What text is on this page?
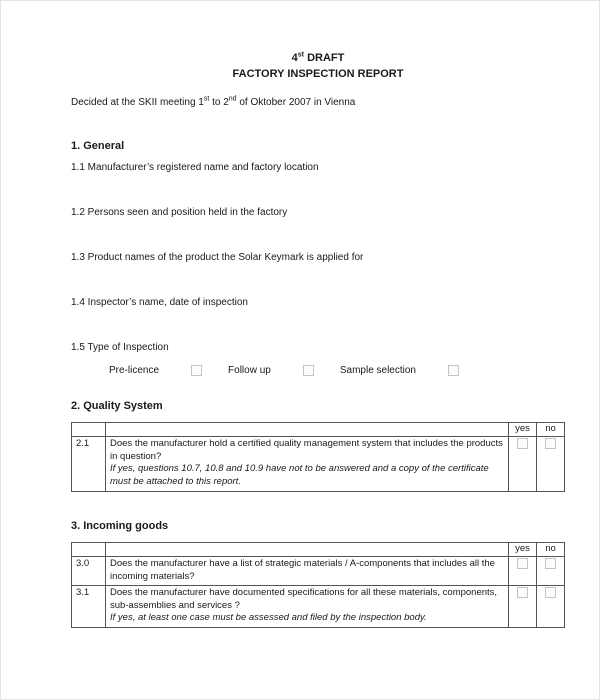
4st DRAFT
FACTORY INSPECTION REPORT

Decided at the SKII meeting 1st to 2nd of Oktober 2007 in Vienna

1. General

1.1 Manufacturer’s registered name and factory location

1.2 Persons seen and position held in the factory

1.3 Product names of the product the Solar Keymark is applied for

1.4 Inspector’s name, date of inspection

1.5 Type of Inspection

Pre-licence	Follow up	Sample selection
2. Quality System
		yes	no
2.1	Does the manufacturer hold a certified quality management system that includes the products in question?
If yes, questions 10.7, 10.8 and 10.9 have not to be answered and a copy of the certificate must be attached to this report.		

3. Incoming goods
		yes	no
3.0	Does the manufacturer have a list of strategic materials / A-components that includes all the incoming materials?		
3.1	Does the manufacturer have documented specifications for all these materials, components, sub-assemblies and services ?
If yes, at least one case must be assessed and filed by the inspection body.		
